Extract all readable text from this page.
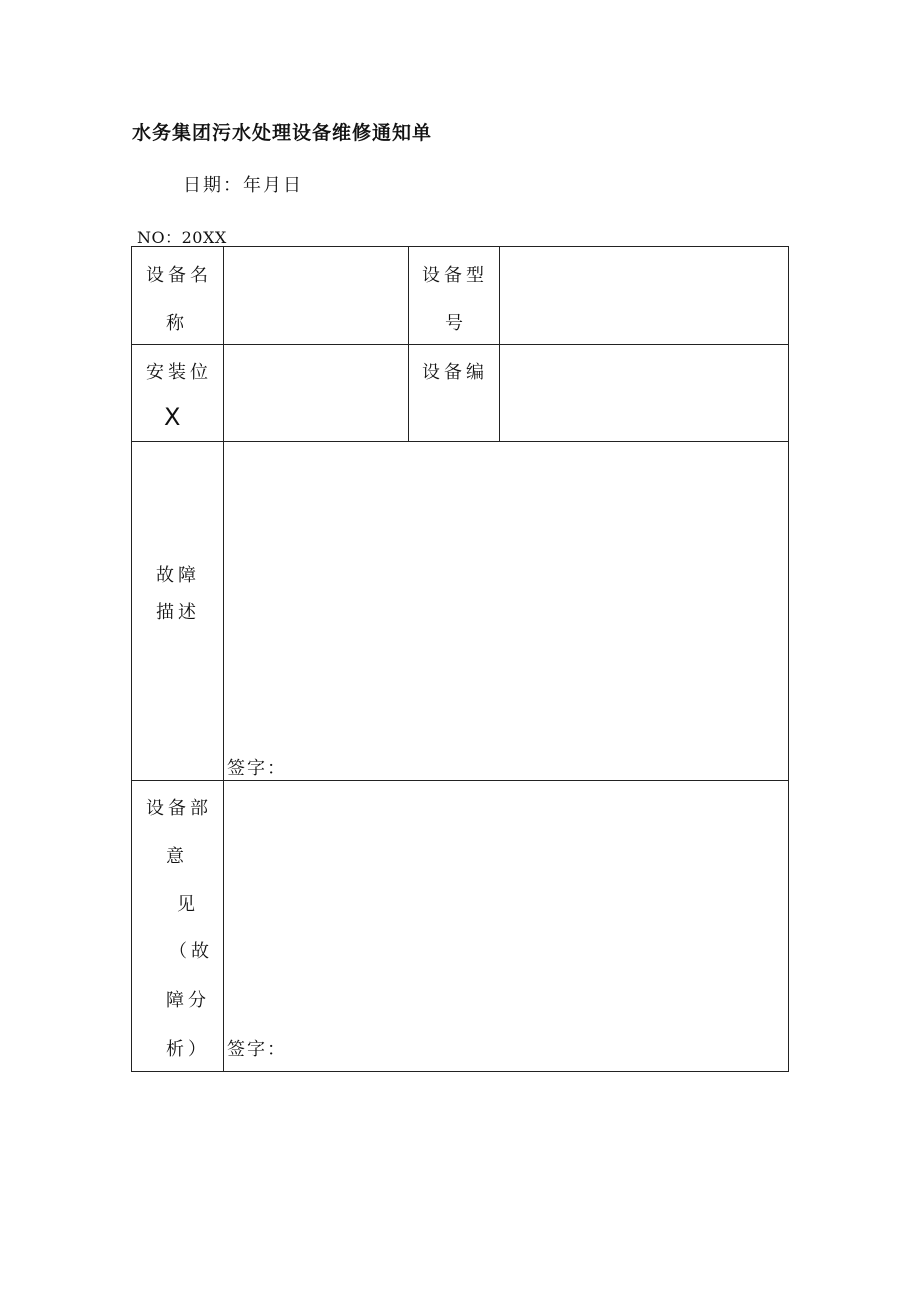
水务集团污水处理设备维修通知单
日期：年月日
NO：20XX
设备名
称
设备型
号
安装位
X
设备编
故障
描述
签字：
设备部
意
见
（故
障分
析） 签字：
